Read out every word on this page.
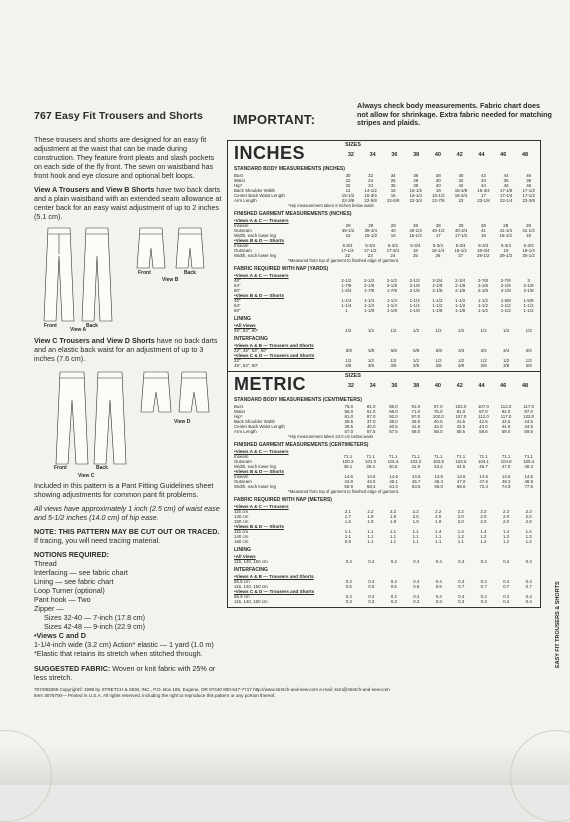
767 Easy Fit Trousers and Shorts

These trousers and shorts are designed for an easy fit adjustment at the waist that can be made during construction. They feature front pleats and slash pockets on each side of the fly front. The sewn on waistband has front hook and eye closure and optional belt loops.

View A Trousers and View B Shorts have two back darts and a plain waistband with an extended seam allowance at center back for an easy waist adjustment of up to 2 inches (5.1 cm).

Front	Back
Front	Back
View B
View A

View C Trousers and View D Shorts have no back darts and an elastic back waist for an adjustment of up to 3 inches (7.6 cm).

Front	Back
View D
View C

Included in this pattern is a Pant Fitting Guidelines sheet showing adjustments for common pant fit problems.

All views have approximately 1 inch (2.5 cm) of waist ease and 5-1/2 inches (14.0 cm) of hip ease.

NOTE: THIS PATTERN MAY BE CUT OUT OR TRACED. If tracing, you will need tracing material.

NOTIONS REQUIRED:
Thread
Interfacing — see fabric chart
Lining — see fabric chart
Loop Turner (optional)
Pant hook — Two
Zipper —
Sizes 32-40 — 7-inch (17.8 cm)
Sizes 42-48 — 9-inch (22.9 cm)
•Views C and D
1-1/4-inch wide (3.2 cm) Action* elastic — 1 yard (1.0 m)
*Elastic that retains its stretch when stitched through.

SUGGESTED FABRIC: Woven or knit fabric with 25% or less stretch.

IMPORTANT:
Always check body measurements. Fabric chart does not allow for shrinkage. Extra fabric needed for matching stripes and plaids.
INCHES	SIZES
32	34	36	38	40	42	44	46	48
STANDARD BODY MEASUREMENTS (INCHES)
Bust	30	32	34	36	38	40	42	44	46
Waist	22	24	26	28	30	32	34	36	38
Hip*	32	34	36	38	40	42	44	46	48
Back Shoulder Width	14	14-1/2	15	15-1/2	16	16-3/8	16-3/4	17-1/8	17-1/2
Center Back Waist Length	15-1/2	15-3/4	16	16-1/4	16-1/2	16-3/4	17	17-1/4	17-1/2
Arm Length	22-3/8	22-5/8	22-5/8	22-3/4	22-7/8	23	23-1/8	23-1/4	23-3/8
*Hip measurement taken 9 inches below waist
FINISHED GARMENT MEASUREMENTS (INCHES)
•Views A & C — Trousers
Inseam	28	28	28	28	28	28	28	28	28
Outseam	39-1/2	39-3/4	40	40-1/4	40-1/2	40-3/4	41	41-1/4	41-1/2
Width, each lower leg	15	15-1/2	16	16-1/2	17	17-1/2	18	18-1/2	19
•Views B & D — Shorts
Inseam	5-3/4	5-3/4	5-3/4	5-3/4	5-3/4	5-3/4	5-3/4	5-3/4	5-3/4
Outseam	17-1/4	17-1/2	17-3/4	18	18-1/4	18-1/2	18-3/4	19	19-1/4
Width, each lower leg	22	23	24	25	26	27	28-1/2	29-1/2	30-1/2
*Measured from top of garment to finished edge of garment.
FABRIC REQUIRED WITH NAP (YARDS)
•Views A & C — Trousers
45"	2-1/2	2-1/2	2-1/2	2-1/2	2-3/4	2-3/4	2-7/8	2-7/8	3
54"	1-7/8	2-1/8	2-1/8	2-1/8	2-1/8	2-1/8	2-1/8	2-1/8	2-1/8
60"	1-3/4	1-7/8	1-7/8	2-1/8	2-1/8	2-1/8	2-1/8	2-1/8	2-1/8
•Views B & D — Shorts
45"	1-1/4	1-1/4	1-1/4	1-1/4	1-1/2	1-1/2	1-1/2	1-5/8	1-5/8
54"	1-1/4	1-1/4	1-1/4	1-1/4	1-1/2	1-1/2	1-1/2	1-1/2	1-1/2
60"	1	1-1/8	1-1/8	1-1/8	1-1/8	1-1/8	1-1/2	1-1/2	1-1/2
LINING
•All Views
45", 54", 60"	1/2	1/2	1/2	1/2	1/2	1/2	1/2	1/2	1/2
INTERFACING
•Views A & B — Trousers and Shorts
22", 45", 54", 60"	5/8	5/8	5/8	5/8	5/8	3/4	3/4	3/4	3/4
•Views C & D — Trousers and Shorts
22"	1/2	1/2	1/2	1/2	1/2	1/2	1/2	1/2	1/2
45", 54", 60"	3/8	3/8	3/8	3/8	3/8	3/8	3/8	3/8	3/8
METRIC	SIZES
32	34	36	38	40	42	44	46	48
STANDARD BODY MEASUREMENTS (CENTIMETERS)
Bust	76.0	81.0	86.0	91.0	97.0	102.0	107.0	112.0	117.0
Waist	56.0	61.0	66.0	71.0	76.0	81.0	87.0	92.0	97.0
Hip*	81.0	87.0	92.0	97.0	102.0	107.0	112.0	117.0	122.0
Back Shoulder Width	35.5	37.0	38.0	39.5	40.5	41.5	42.5	43.5	44.5
Center Back Waist Length	39.5	40.0	40.5	41.5	42.0	42.5	43.0	44.0	44.5
Arm Length	57.0	57.5	57.5	58.0	58.0	58.5	58.5	59.0	59.5
*Hip measurement taken 23.0 cm below waist
FINISHED GARMENT MEASUREMENTS (CENTIMETERS)
•Views A & C — Trousers
Inseam	71.1	71.1	71.1	71.1	71.1	71.1	71.1	71.1	71.1
Outseam	100.3	101.0	101.6	102.2	102.9	103.5	104.1	104.8	105.4
Width, each lower leg	38.1	39.4	40.6	41.9	43.2	44.5	45.7	47.0	48.3
•Views B & D — Shorts
Inseam	14.6	14.6	14.6	14.6	14.6	14.6	14.6	14.6	14.6
Outseam	43.8	44.5	45.1	45.7	46.4	47.0	47.6	48.3	48.9
Width, each lower leg	55.9	58.4	61.0	63.5	66.0	68.6	72.4	74.9	77.5
*Measured from top of garment to finished edge of garment.
FABRIC REQUIRED WITH NAP (METERS)
•Views A & C — Trousers
115 cm	2.1	2.2	2.2	2.2	2.2	2.2	2.3	2.3	2.3
140 cm	1.7	1.9	1.9	2.0	2.0	2.0	2.0	2.0	2.0
150 cm	1.6	1.8	1.8	1.9	1.9	2.0	2.0	2.0	2.0
•Views B & D — Shorts
115 cm	1.1	1.1	1.1	1.1	1.4	1.4	1.4	1.4	1.4
140 cm	1.1	1.1	1.1	1.1	1.1	1.2	1.2	1.3	1.3
150 cm	0.9	1.1	1.1	1.1	1.1	1.1	1.2	1.2	1.2
LINING
•All Views
115, 140, 150 cm	0.4	0.4	0.4	0.4	0.4	0.4	0.4	0.4	0.4
INTERFACING
•Views A & B — Trousers and Shorts
55.9 cm	0.4	0.4	0.4	0.4	0.4	0.4	0.4	0.4	0.4
115, 140, 150 cm	0.6	0.6	0.6	0.6	0.6	0.7	0.7	0.7	0.7
•Views C & D — Trousers and Shorts
55.9 cm	0.4	0.4	0.4	0.4	0.4	0.4	0.4	0.4	0.4
115, 140, 150 cm	0.3	0.3	0.3	0.3	0.3	0.3	0.3	0.4	0.4	EASY FIT TROUSERS & SHORTS
767/093086 Copyright© 1998 by STRETCH & SEW, INC., P.O. Box 185, Eugene, OR 97440 800-547-7717 http://www.stretch-and-sew.com e-mail: ssm@stretch-and-sew.com
Item 3076700— Printed in U.S.A. All rights reserved, including the right to reproduce this pattern or any portion thereof.
